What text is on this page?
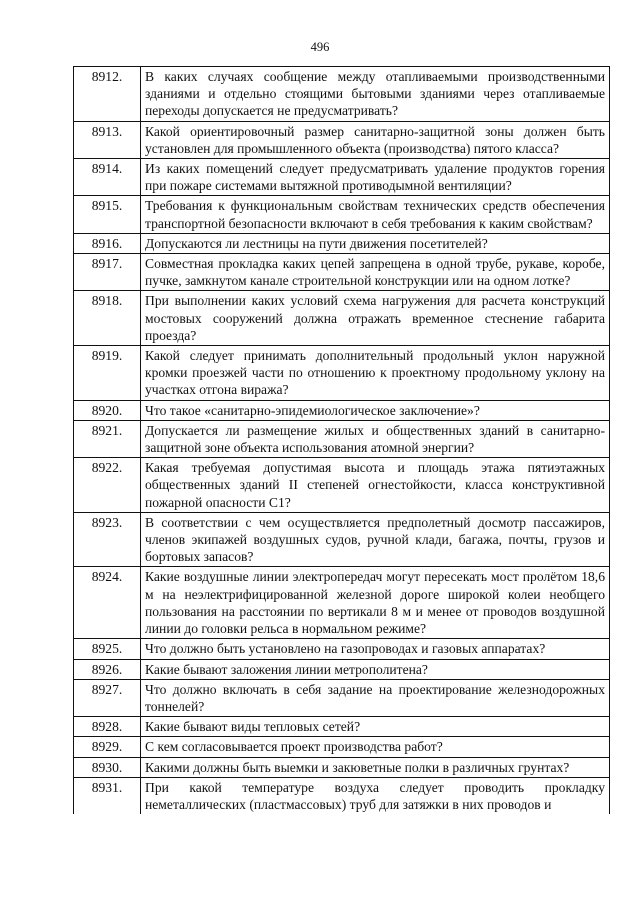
496
8912.	В каких случаях сообщение между отапливаемыми производственными зданиями и отдельно стоящими бытовыми зданиями через отапливаемые переходы допускается не предусматривать?
8913.	Какой ориентировочный размер санитарно-защитной зоны должен быть установлен для промышленного объекта (производства) пятого класса?
8914.	Из каких помещений следует предусматривать удаление продуктов горения при пожаре системами вытяжной противодымной вентиляции?
8915.	Требования к функциональным свойствам технических средств обеспечения транспортной безопасности включают в себя требования к каким свойствам?
8916.	Допускаются ли лестницы на пути движения посетителей?
8917.	Совместная прокладка каких цепей запрещена в одной трубе, рукаве, коробе, пучке, замкнутом канале строительной конструкции или на одном лотке?
8918.	При выполнении каких условий схема нагружения для расчета конструкций мостовых сооружений должна отражать временное стеснение габарита проезда?
8919.	Какой следует принимать дополнительный продольный уклон наружной кромки проезжей части по отношению к проектному продольному уклону на участках отгона виража?
8920.	Что такое «санитарно-эпидемиологическое заключение»?
8921.	Допускается ли размещение жилых и общественных зданий в санитарно-защитной зоне объекта использования атомной энергии?
8922.	Какая требуемая допустимая высота и площадь этажа пятиэтажных общественных зданий II степеней огнестойкости, класса конструктивной пожарной опасности С1?
8923.	В соответствии с чем осуществляется предполетный досмотр пассажиров, членов экипажей воздушных судов, ручной клади, багажа, почты, грузов и бортовых запасов?
8924.	Какие воздушные линии электропередач могут пересекать мост пролётом 18,6 м на неэлектрифицированной железной дороге широкой колеи необщего пользования на расстоянии по вертикали 8 м и менее от проводов воздушной линии до головки рельса в нормальном режиме?
8925.	Что должно быть установлено на газопроводах и газовых аппаратах?
8926.	Какие бывают заложения линии метрополитена?
8927.	Что должно включать в себя задание на проектирование железнодорожных тоннелей?
8928.	Какие бывают виды тепловых сетей?
8929.	С кем согласовывается проект производства работ?
8930.	Какими должны быть выемки и закюветные полки в различных грунтах?
8931.	При какой температуре воздуха следует проводить прокладку неметаллических (пластмассовых) труб для затяжки в них проводов и
